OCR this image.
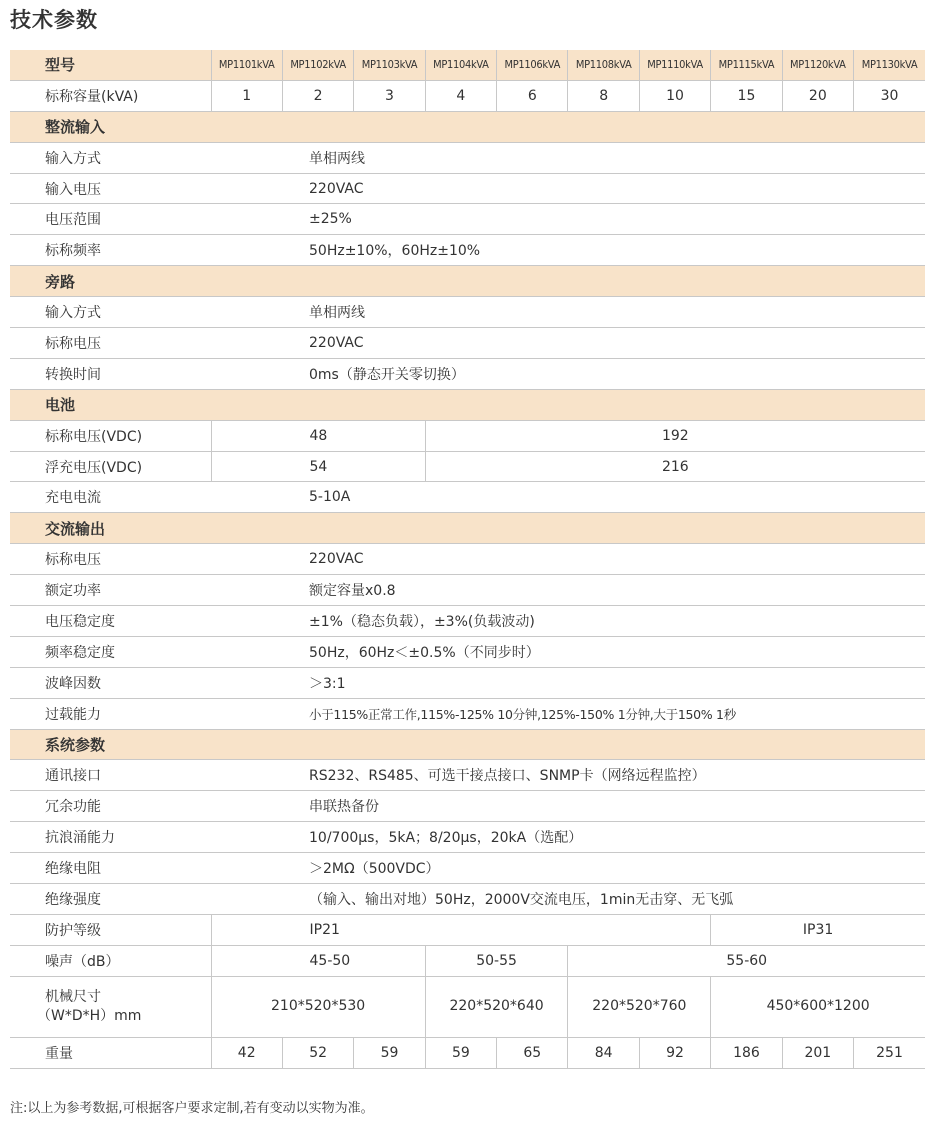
技术参数
型号	MP1101kVA	MP1102kVA	MP1103kVA	MP1104kVA	MP1106kVA	MP1108kVA	MP1110kVA	MP1115kVA	MP1120kVA	MP1130kVA
标称容量(kVA)	1	2	3	4	6	8	10	15	20	30
整流输入										
输入方式	单相两线									
输入电压	220VAC									
电压范围	±25%									
标称频率	50Hz±10%，60Hz±10%									
旁路										
输入方式	单相两线									
标称电压	220VAC									
转换时间	0ms（静态开关零切换）									
电池										
标称电压(VDC)	48			192						
浮充电压(VDC)	54			216						
充电电流	5-10A									
交流输出										
标称电压	220VAC									
额定功率	额定容量x0.8									
电压稳定度	±1%（稳态负载），±3%(负载波动)									
频率稳定度	50Hz，60Hz＜±0.5%（不同步时）									
波峰因数	＞3:1									
过载能力	小于115%正常工作,115%-125% 10分钟,125%-150% 1分钟,大于150% 1秒									
系统参数										
通讯接口	RS232、RS485、可选干接点接口、SNMP卡（网络远程监控）									
冗余功能	串联热备份									
抗浪涌能力	10/700μs，5kA；8/20μs，20kA（选配）									
绝缘电阻	＞2MΩ（500VDC）									
绝缘强度	（输入、输出对地）50Hz，2000V交流电压，1min无击穿、无飞弧									
防护等级	IP21							IP31		
噪声（dB）	45-50			50-55		55-60				

机械尺寸
（W*D*H）mm	210*520*530			220*520*640		220*520*760		450*600*1200		
重量	42	52	59	59	65	84	92	186	201	251

注:以上为参考数据,可根据客户要求定制,若有变动以实物为准。
